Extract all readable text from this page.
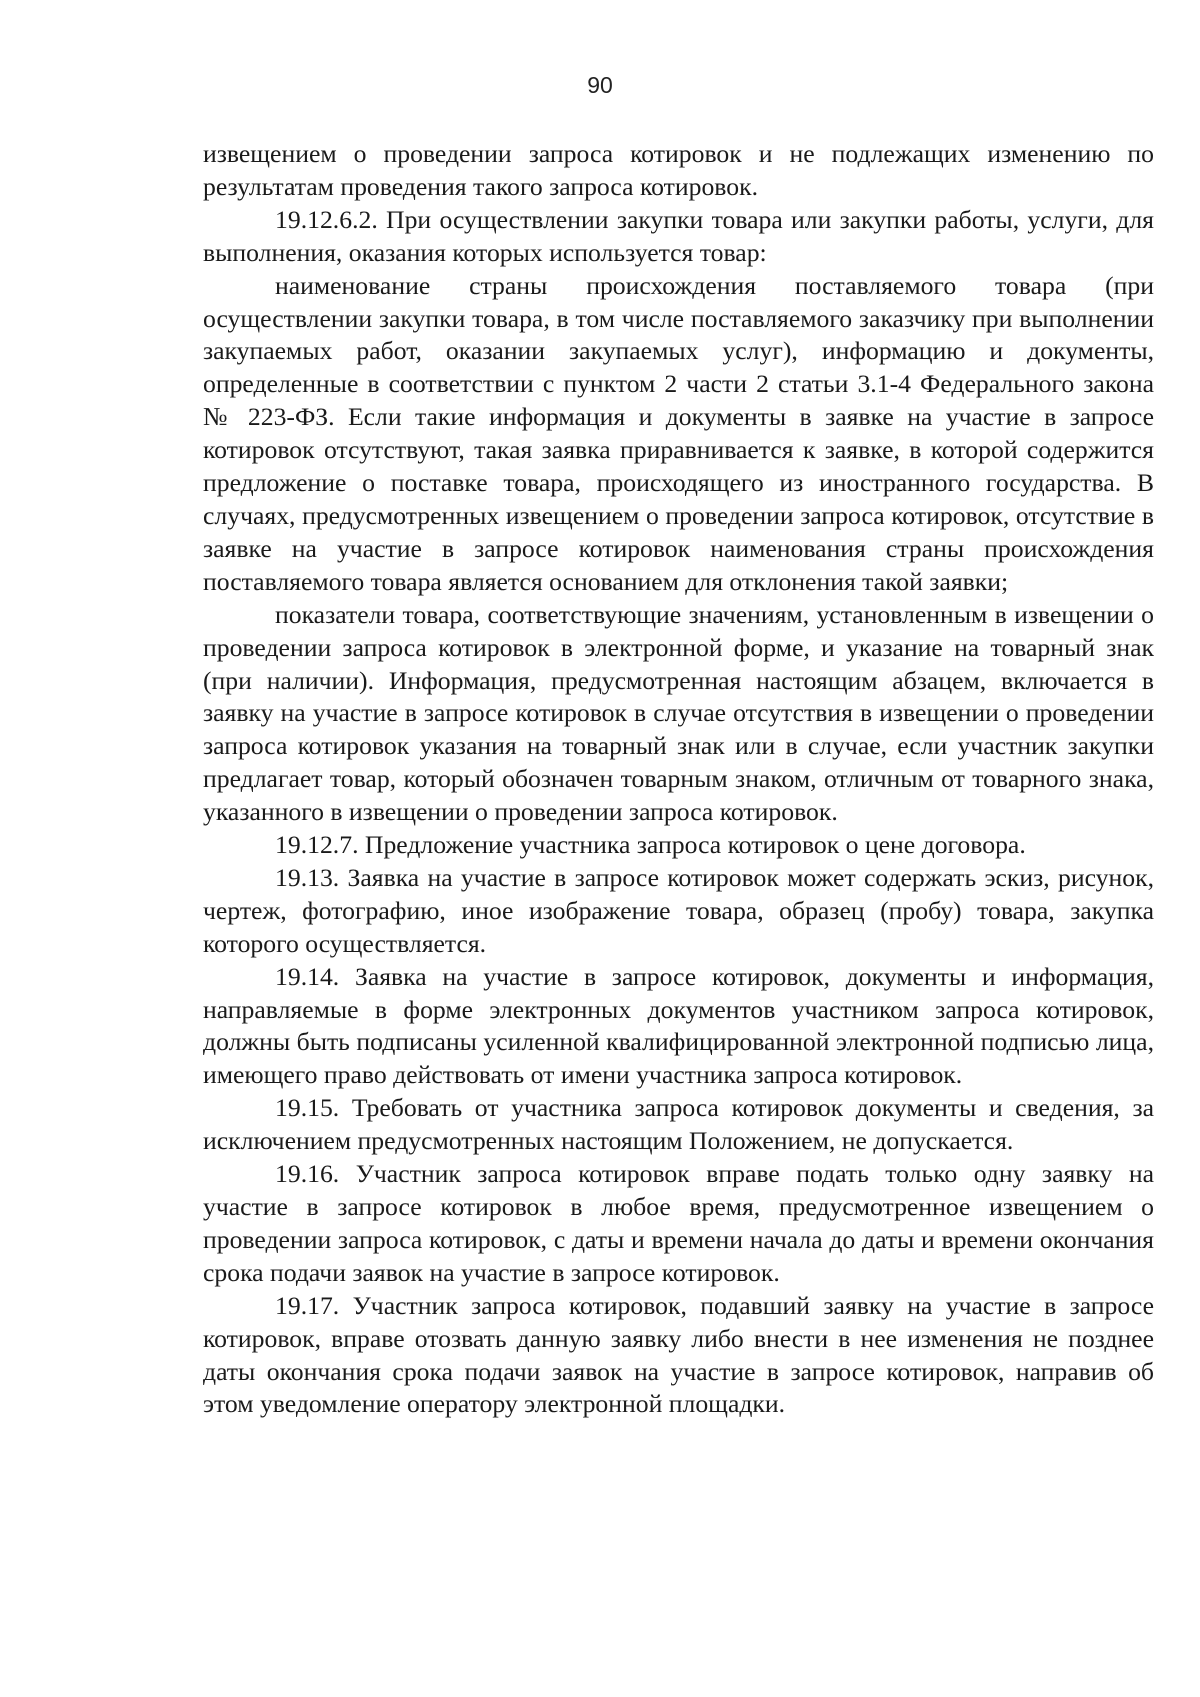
90

извещением о проведении запроса котировок и не подлежащих изменению по результатам проведения такого запроса котировок.

19.12.6.2. При осуществлении закупки товара или закупки работы, услуги, для выполнения, оказания которых используется товар:

наименование страны происхождения поставляемого товара (при осуществлении закупки товара, в том числе поставляемого заказчику при выполнении закупаемых работ, оказании закупаемых услуг), информацию и документы, определенные в соответствии с пунктом 2 части 2 статьи 3.1-4 Федерального закона № 223-ФЗ. Если такие информация и документы в заявке на участие в запросе котировок отсутствуют, такая заявка приравнивается к заявке, в которой содержится предложение о поставке товара, происходящего из иностранного государства. В случаях, предусмотренных извещением о проведении запроса котировок, отсутствие в заявке на участие в запросе котировок наименования страны происхождения поставляемого товара является основанием для отклонения такой заявки;

показатели товара, соответствующие значениям, установленным в извещении о проведении запроса котировок в электронной форме, и указание на товарный знак (при наличии). Информация, предусмотренная настоящим абзацем, включается в заявку на участие в запросе котировок в случае отсутствия в извещении о проведении запроса котировок указания на товарный знак или в случае, если участник закупки предлагает товар, который обозначен товарным знаком, отличным от товарного знака, указанного в извещении о проведении запроса котировок.

19.12.7. Предложение участника запроса котировок о цене договора.

19.13. Заявка на участие в запросе котировок может содержать эскиз, рисунок, чертеж, фотографию, иное изображение товара, образец (пробу) товара, закупка которого осуществляется.

19.14. Заявка на участие в запросе котировок, документы и информация, направляемые в форме электронных документов участником запроса котировок, должны быть подписаны усиленной квалифицированной электронной подписью лица, имеющего право действовать от имени участника запроса котировок.

19.15. Требовать от участника запроса котировок документы и сведения, за исключением предусмотренных настоящим Положением, не допускается.

19.16. Участник запроса котировок вправе подать только одну заявку на участие в запросе котировок в любое время, предусмотренное извещением о проведении запроса котировок, с даты и времени начала до даты и времени окончания срока подачи заявок на участие в запросе котировок.

19.17. Участник запроса котировок, подавший заявку на участие в запросе котировок, вправе отозвать данную заявку либо внести в нее изменения не позднее даты окончания срока подачи заявок на участие в запросе котировок, направив об этом уведомление оператору электронной площадки.
